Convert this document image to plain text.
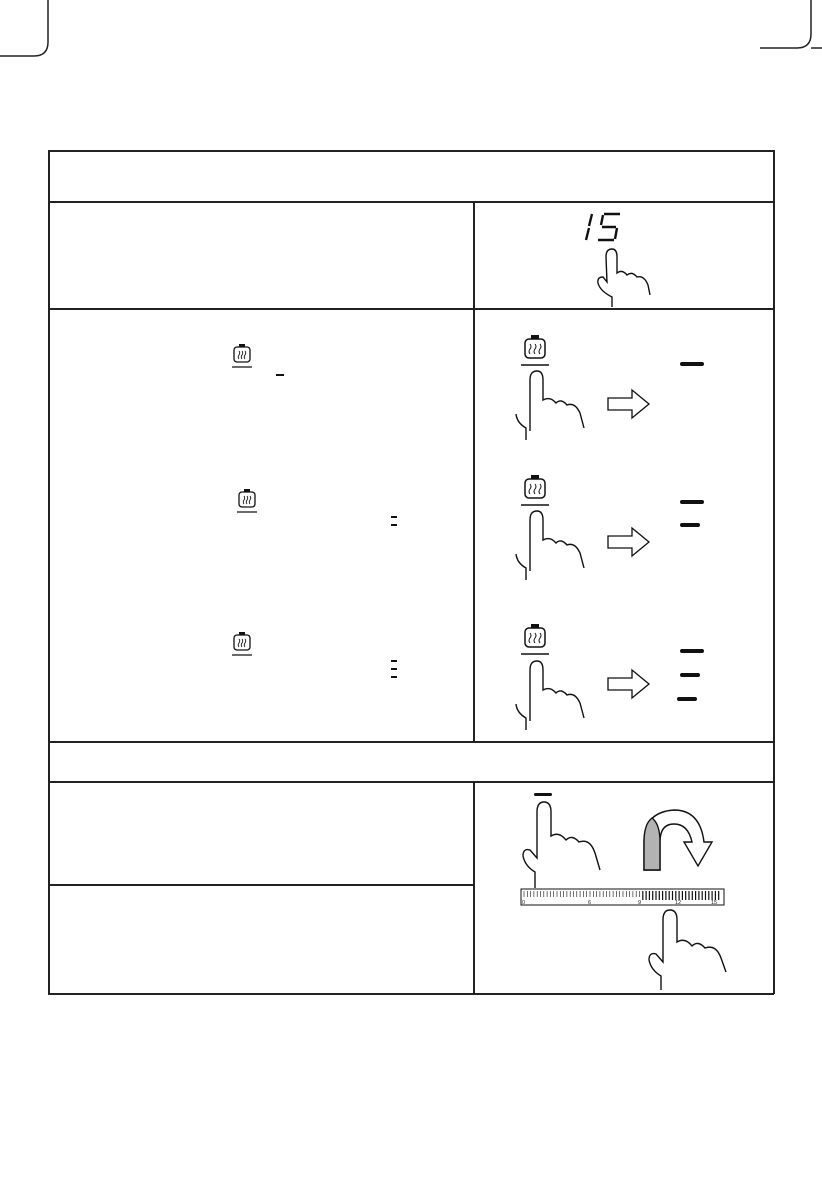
0	6	9	12	15
